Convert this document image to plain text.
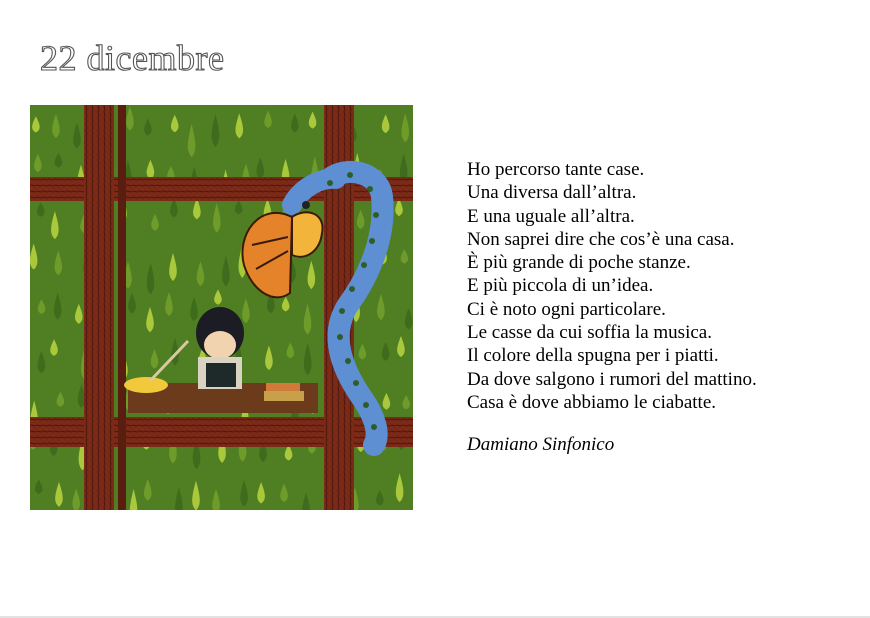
22 dicembre
Ho percorso tante case.
Una diversa dall’altra.
E una uguale all’altra.
Non saprei dire che cos’è una casa.
È più grande di poche stanze.
E più piccola di un’idea.
Ci è noto ogni particolare.
Le casse da cui soffia la musica.
Il colore della spugna per i piatti.
Da dove salgono i rumori del mattino.
Casa è dove abbiamo le ciabatte.
Damiano Sinfonico
